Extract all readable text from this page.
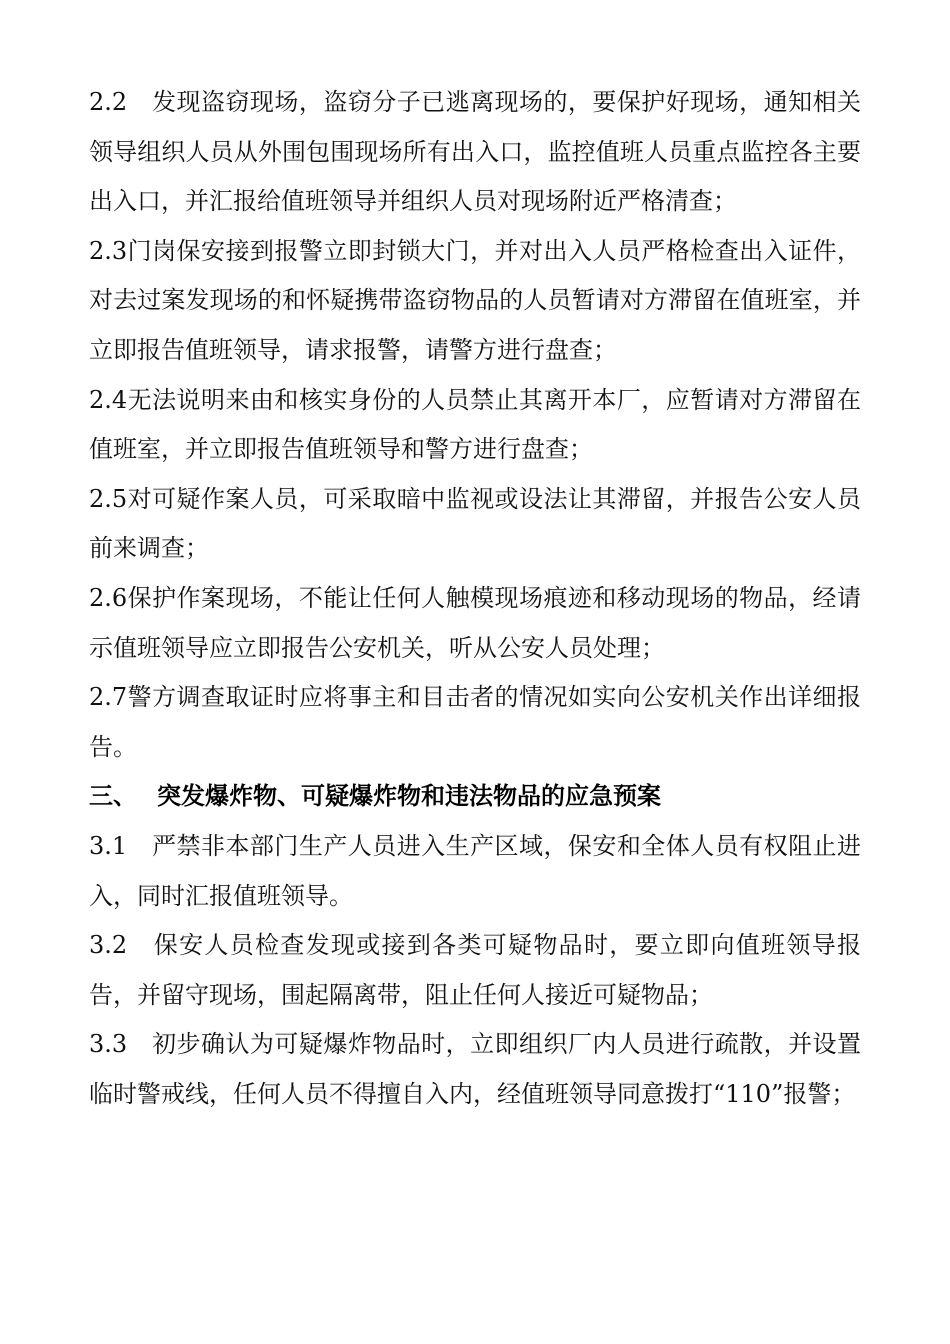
2.2　发现盗窃现场，盗窃分子已逃离现场的，要保护好现场，通知相关领导组织人员从外围包围现场所有出入口，监控值班人员重点监控各主要出入口，并汇报给值班领导并组织人员对现场附近严格清查；

2.3门岗保安接到报警立即封锁大门，并对出入人员严格检查出入证件，对去过案发现场的和怀疑携带盗窃物品的人员暂请对方滞留在值班室，并立即报告值班领导，请求报警，请警方进行盘查；

2.4无法说明来由和核实身份的人员禁止其离开本厂，应暂请对方滞留在值班室，并立即报告值班领导和警方进行盘查；

2.5对可疑作案人员，可采取暗中监视或设法让其滞留，并报告公安人员前来调查；

2.6保护作案现场，不能让任何人触模现场痕迹和移动现场的物品，经请示值班领导应立即报告公安机关，听从公安人员处理；

2.7警方调查取证时应将事主和目击者的情况如实向公安机关作出详细报告。

三、 突发爆炸物、可疑爆炸物和违法物品的应急预案

3.1　严禁非本部门生产人员进入生产区域，保安和全体人员有权阻止进入，同时汇报值班领导。

3.2　保安人员检查发现或接到各类可疑物品时，要立即向值班领导报告，并留守现场，围起隔离带，阻止任何人接近可疑物品；

3.3　初步确认为可疑爆炸物品时，立即组织厂内人员进行疏散，并设置临时警戒线，任何人员不得擅自入内，经值班领导同意拨打“110”报警；
